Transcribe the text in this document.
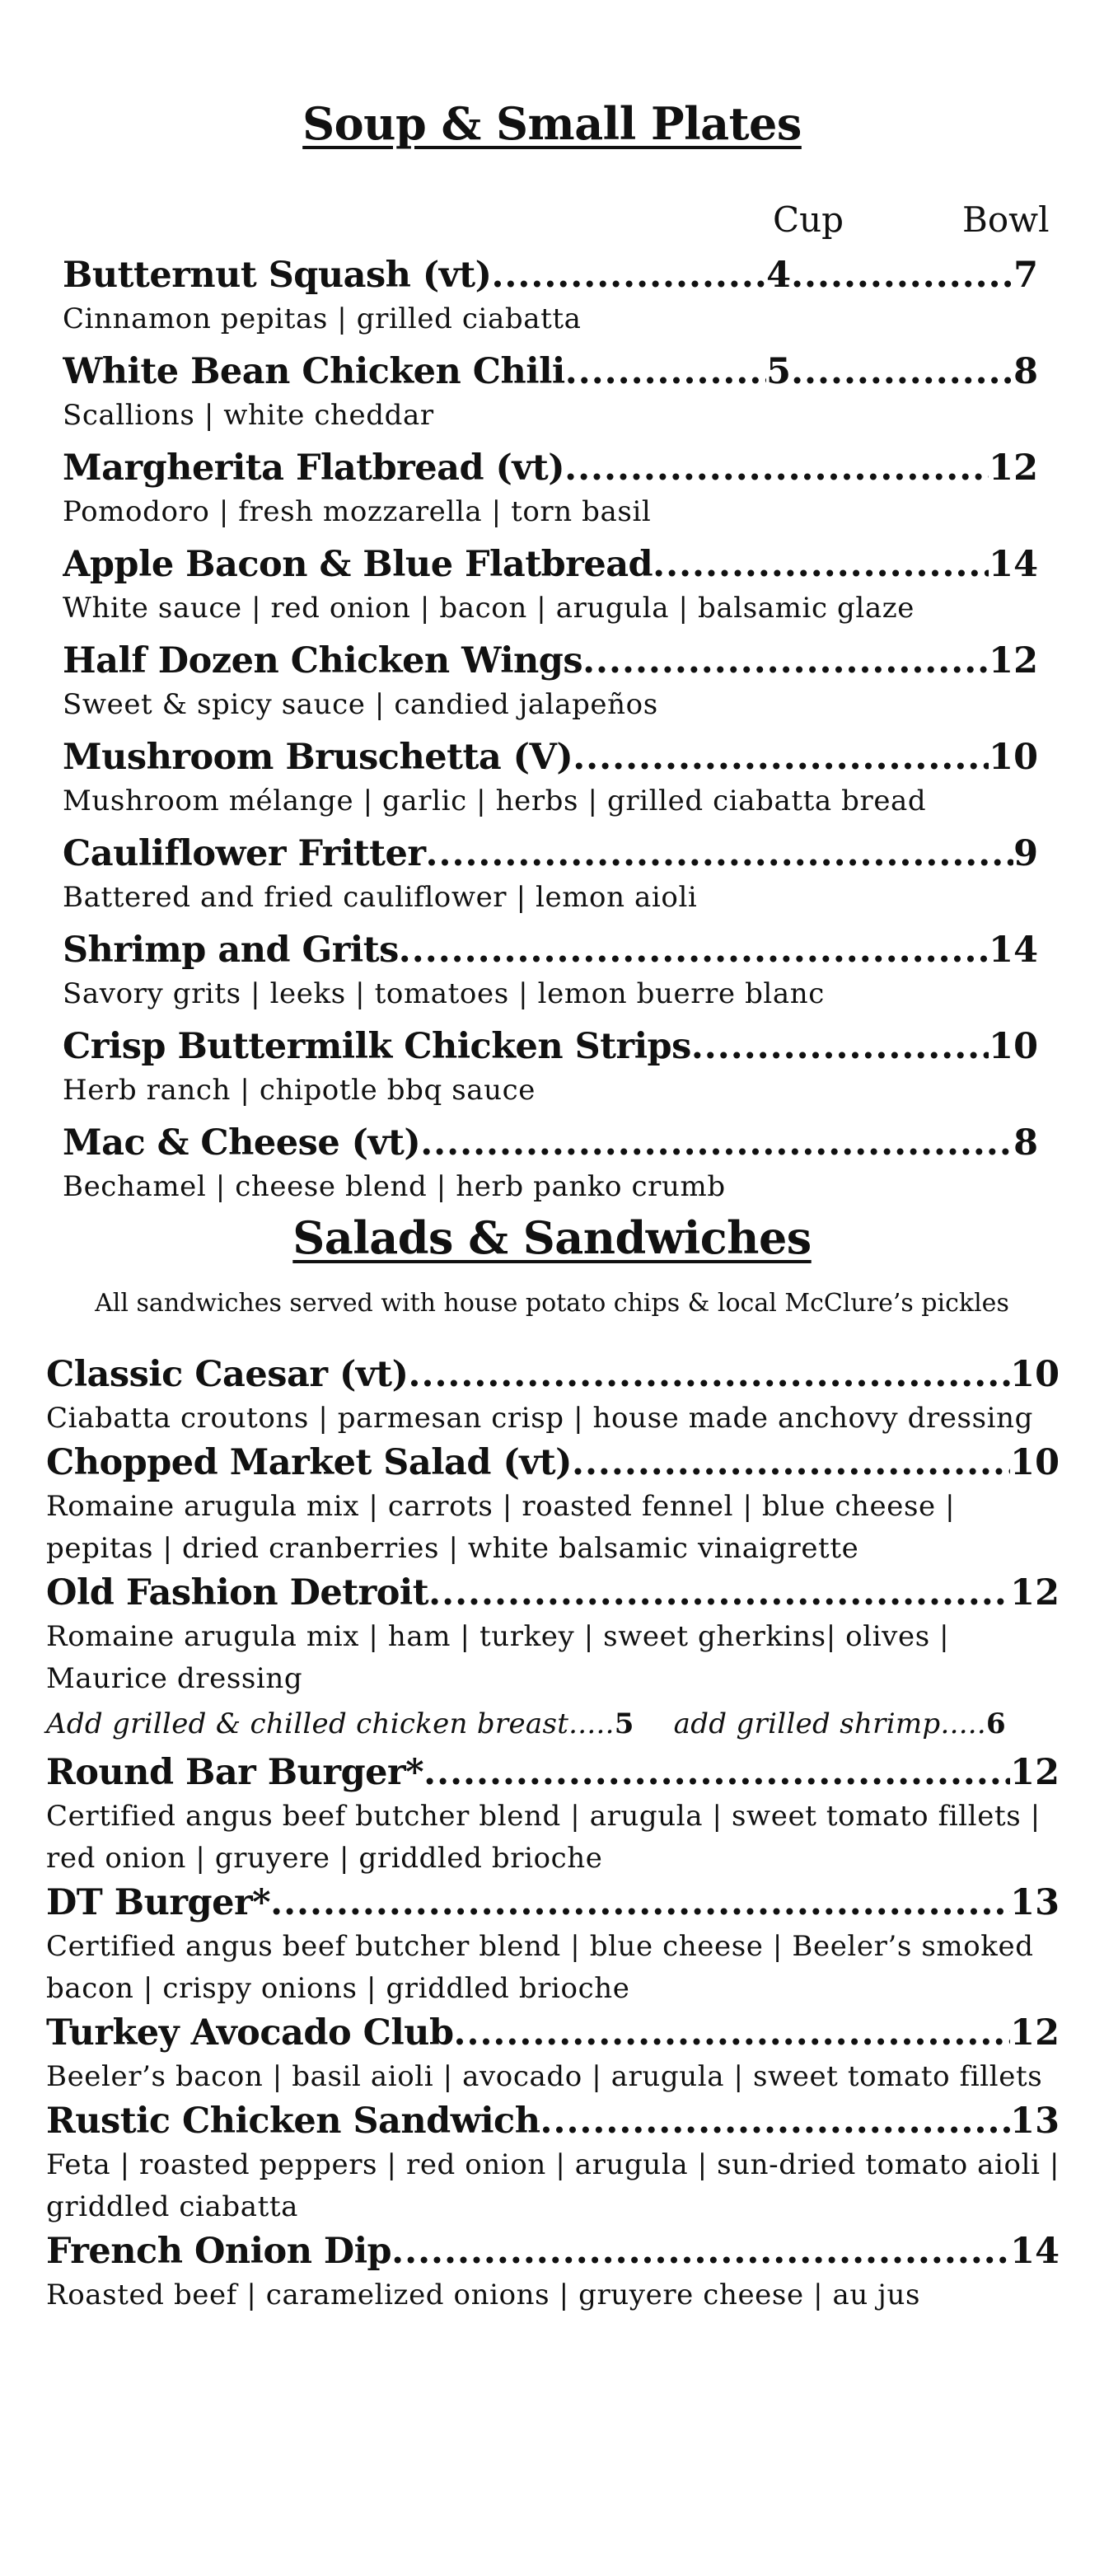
Soup & Small Plates
Cup	Bowl
Butternut Squash (vt) .....	4 .....	7
Cinnamon pepitas | grilled ciabatta
White Bean Chicken Chili .....	5 .....	8
Scallions | white cheddar
Margherita Flatbread (vt) .....	12
Pomodoro | fresh mozzarella | torn basil
Apple Bacon & Blue Flatbread .....	14
White sauce | red onion | bacon | arugula | balsamic glaze
Half Dozen Chicken Wings .....	12
Sweet & spicy sauce | candied jalapeños
Mushroom Bruschetta (V) .....	10
Mushroom mélange | garlic | herbs | grilled ciabatta bread
Cauliflower Fritter .....	9
Battered and fried cauliflower | lemon aioli
Shrimp and Grits .....	14
Savory grits | leeks | tomatoes | lemon buerre blanc
Crisp Buttermilk Chicken Strips .....	10
Herb ranch | chipotle bbq sauce
Mac & Cheese (vt) .....	8
Bechamel | cheese blend | herb panko crumb
Salads & Sandwiches
All sandwiches served with house potato chips & local McClure’s pickles
Classic Caesar (vt) .....	10
Ciabatta croutons | parmesan crisp | house made anchovy dressing
Chopped Market Salad (vt) .....	10
Romaine arugula mix | carrots | roasted fennel | blue cheese | pepitas | dried cranberries | white balsamic vinaigrette
Old Fashion Detroit .....	12
Romaine arugula mix | ham | turkey | sweet gherkins| olives | Maurice dressing
Add grilled & chilled chicken breast.....5 add grilled shrimp.....6
Round Bar Burger* .....	12
Certified angus beef butcher blend | arugula | sweet tomato fillets | red onion | gruyere | griddled brioche
DT Burger* .....	13
Certified angus beef butcher blend | blue cheese | Beeler’s smoked bacon | crispy onions | griddled brioche
Turkey Avocado Club .....	12
Beeler’s bacon | basil aioli | avocado | arugula | sweet tomato fillets
Rustic Chicken Sandwich .....	13
Feta | roasted peppers | red onion | arugula | sun-dried tomato aioli | griddled ciabatta
French Onion Dip .....	14
Roasted beef | caramelized onions | gruyere cheese | au jus
